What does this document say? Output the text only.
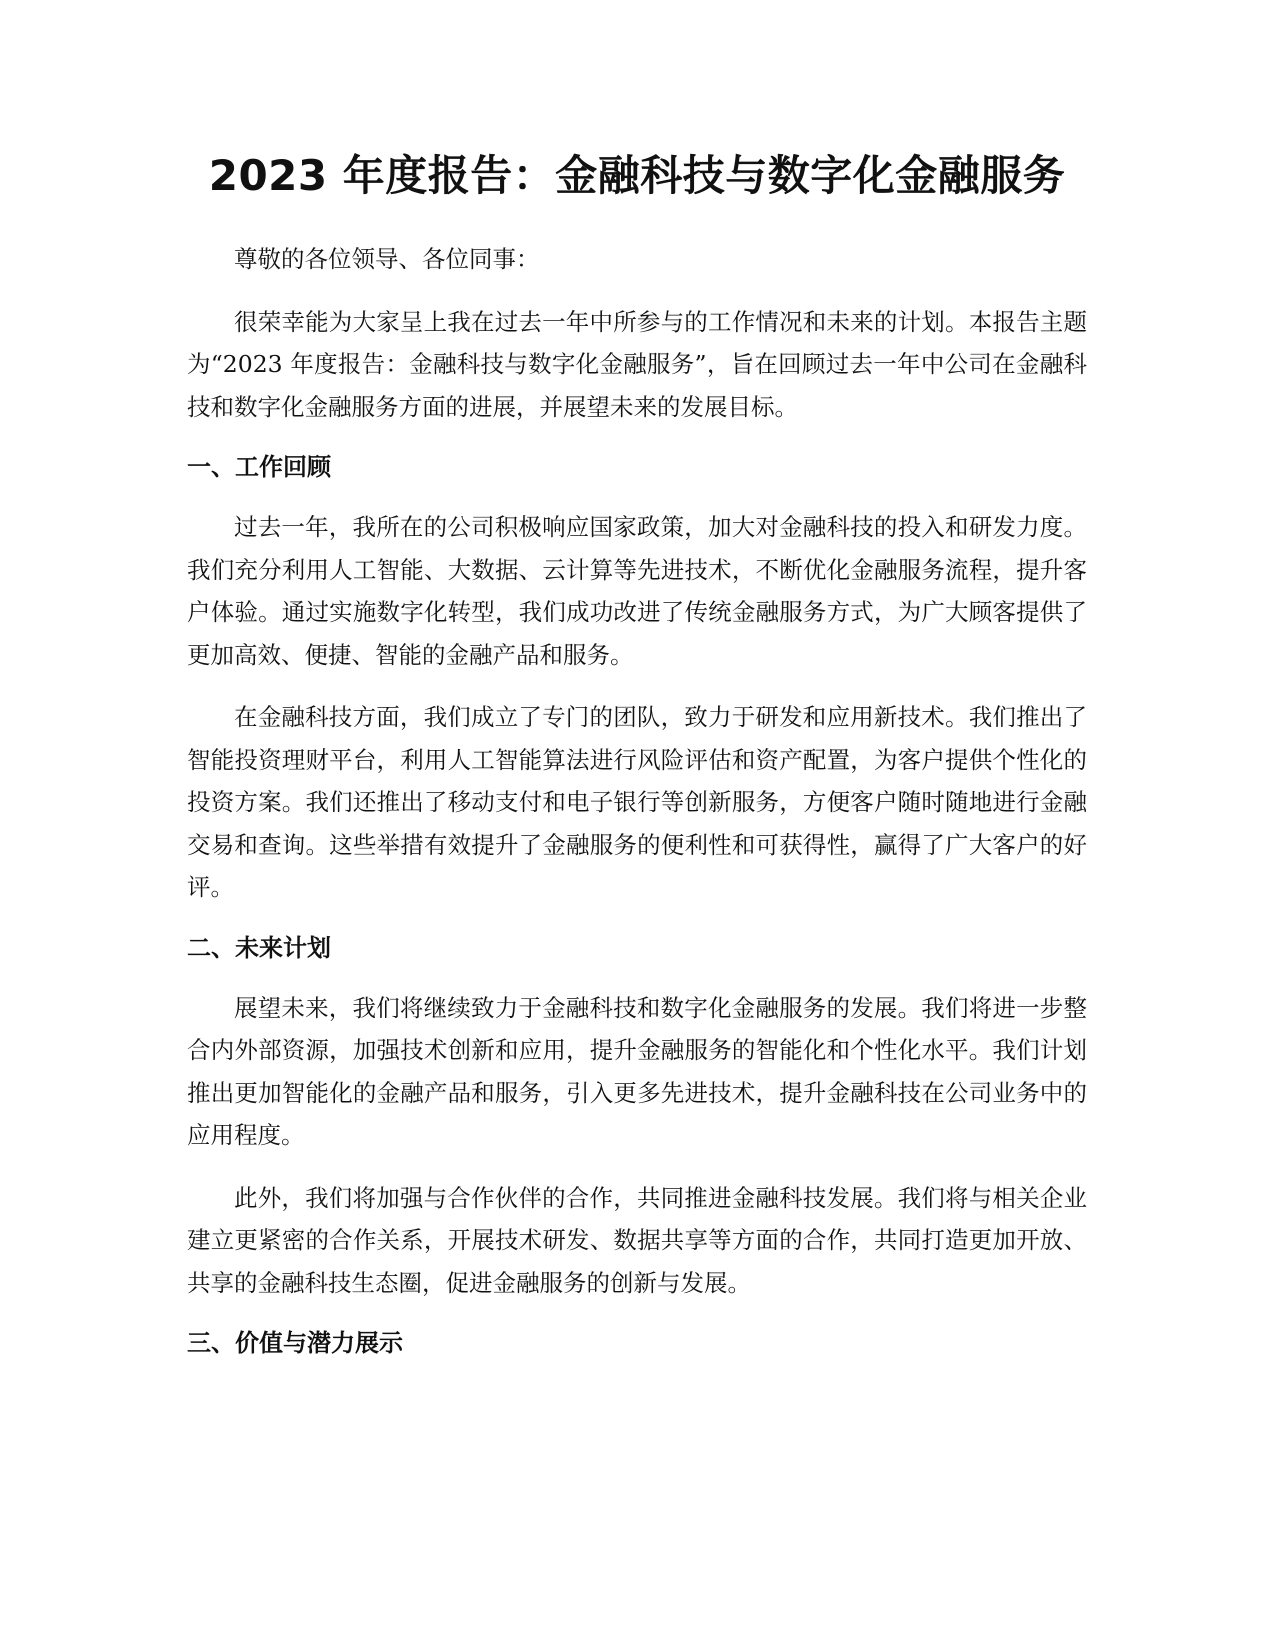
2023 年度报告：金融科技与数字化金融服务

尊敬的各位领导、各位同事：

很荣幸能为大家呈上我在过去一年中所参与的工作情况和未来的计划。本报告主题为“2023 年度报告：金融科技与数字化金融服务”，旨在回顾过去一年中公司在金融科技和数字化金融服务方面的进展，并展望未来的发展目标。

一、工作回顾

过去一年，我所在的公司积极响应国家政策，加大对金融科技的投入和研发力度。我们充分利用人工智能、大数据、云计算等先进技术，不断优化金融服务流程，提升客户体验。通过实施数字化转型，我们成功改进了传统金融服务方式，为广大顾客提供了更加高效、便捷、智能的金融产品和服务。

在金融科技方面，我们成立了专门的团队，致力于研发和应用新技术。我们推出了智能投资理财平台，利用人工智能算法进行风险评估和资产配置，为客户提供个性化的投资方案。我们还推出了移动支付和电子银行等创新服务，方便客户随时随地进行金融交易和查询。这些举措有效提升了金融服务的便利性和可获得性，赢得了广大客户的好评。

二、未来计划

展望未来，我们将继续致力于金融科技和数字化金融服务的发展。我们将进一步整合内外部资源，加强技术创新和应用，提升金融服务的智能化和个性化水平。我们计划推出更加智能化的金融产品和服务，引入更多先进技术，提升金融科技在公司业务中的应用程度。

此外，我们将加强与合作伙伴的合作，共同推进金融科技发展。我们将与相关企业建立更紧密的合作关系，开展技术研发、数据共享等方面的合作，共同打造更加开放、共享的金融科技生态圈，促进金融服务的创新与发展。

三、价值与潜力展示
